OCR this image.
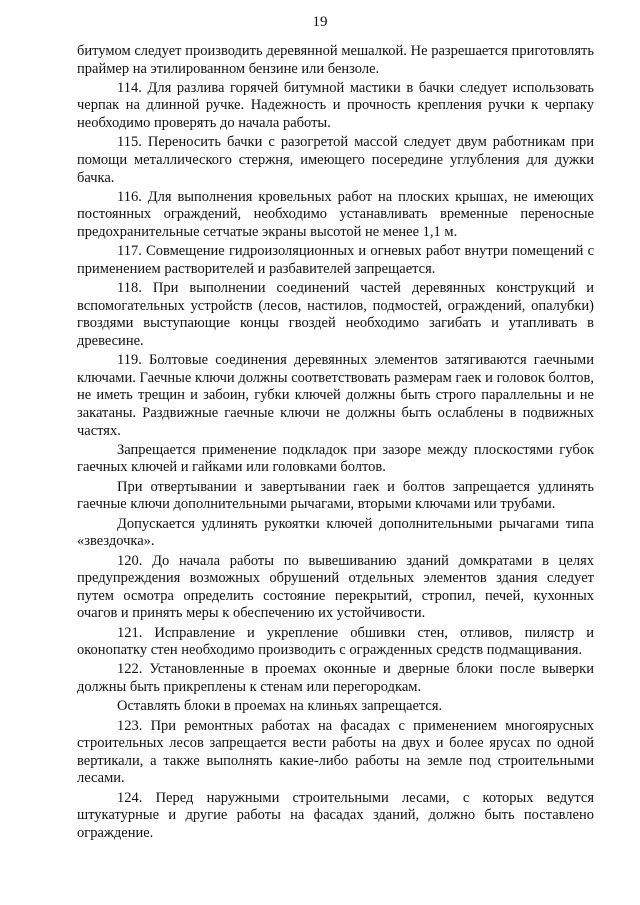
19

битумом следует производить деревянной мешалкой. Не разрешается приготовлять праймер на этилированном бензине или бензоле.

114. Для разлива горячей битумной мастики в бачки следует использовать черпак на длинной ручке. Надежность и прочность крепления ручки к черпаку необходимо проверять до начала работы.

115. Переносить бачки с разогретой массой следует двум работникам при помощи металлического стержня, имеющего посередине углубления для дужки бачка.

116. Для выполнения кровельных работ на плоских крышах, не имеющих постоянных ограждений, необходимо устанавливать временные переносные предохранительные сетчатые экраны высотой не менее 1,1 м.

117. Совмещение гидроизоляционных и огневых работ внутри помещений с применением растворителей и разбавителей запрещается.

118. При выполнении соединений частей деревянных конструкций и вспомогательных устройств (лесов, настилов, подмостей, ограждений, опалубки) гвоздями выступающие концы гвоздей необходимо загибать и утапливать в древесине.

119. Болтовые соединения деревянных элементов затягиваются гаечными ключами. Гаечные ключи должны соответствовать размерам гаек и головок болтов, не иметь трещин и забоин, губки ключей должны быть строго параллельны и не закатаны. Раздвижные гаечные ключи не должны быть ослаблены в подвижных частях.

Запрещается применение подкладок при зазоре между плоскостями губок гаечных ключей и гайками или головками болтов.

При отвертывании и завертывании гаек и болтов запрещается удлинять гаечные ключи дополнительными рычагами, вторыми ключами или трубами.

Допускается удлинять рукоятки ключей дополнительными рычагами типа «звездочка».

120. До начала работы по вывешиванию зданий домкратами в целях предупреждения возможных обрушений отдельных элементов здания следует путем осмотра определить состояние перекрытий, стропил, печей, кухонных очагов и принять меры к обеспечению их устойчивости.

121. Исправление и укрепление обшивки стен, отливов, пилястр и оконопатку стен необходимо производить с огражденных средств подмащивания.

122. Установленные в проемах оконные и дверные блоки после выверки должны быть прикреплены к стенам или перегородкам.

Оставлять блоки в проемах на клиньях запрещается.

123. При ремонтных работах на фасадах с применением многоярусных строительных лесов запрещается вести работы на двух и более ярусах по одной вертикали, а также выполнять какие-либо работы на земле под строительными лесами.

124. Перед наружными строительными лесами, с которых ведутся штукатурные и другие работы на фасадах зданий, должно быть поставлено ограждение.
